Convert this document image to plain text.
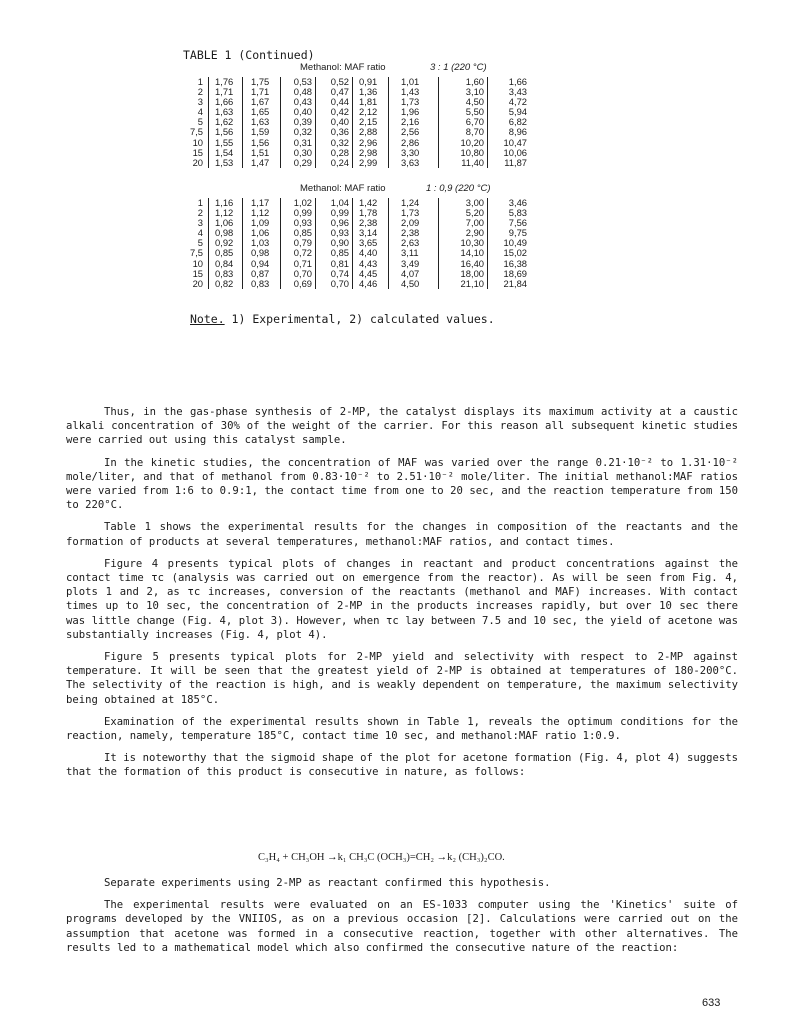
TABLE 1 (Continued)
Methanol: MAF ratio	3 : 1 (220 °C)
1	1,76	1,75	0,53	0,52	0,91	1,01	1,60	1,66
2	1,71	1,71	0,48	0,47	1,36	1,43	3,10	3,43
3	1,66	1,67	0,43	0,44	1,81	1,73	4,50	4,72
4	1,63	1,65	0,40	0,42	2,12	1,96	5,50	5,94
5	1,62	1,63	0,39	0,40	2,15	2,16	6,70	6,82
7,5	1,56	1,59	0,32	0,36	2,88	2,56	8,70	8,96
10	1,55	1,56	0,31	0,32	2,96	2,86	10,20	10,47
15	1,54	1,51	0,30	0,28	2,98	3,30	10,80	10,06
20	1,53	1,47	0,29	0,24	2,99	3,63	11,40	11,87
Methanol: MAF ratio	1 : 0,9 (220 °C)
1	1,16	1,17	1,02	1,04	1,42	1,24	3,00	3,46
2	1,12	1,12	0,99	0,99	1,78	1,73	5,20	5,83
3	1,06	1,09	0,93	0,96	2,38	2,09	7,00	7,56
4	0,98	1,06	0,85	0,93	3,14	2,38	2,90	9,75
5	0,92	1,03	0,79	0,90	3,65	2,63	10,30	10,49
7,5	0,85	0,98	0,72	0,85	4,40	3,11	14,10	15,02
10	0,84	0,94	0,71	0,81	4,43	3,49	16,40	16,38
15	0,83	0,87	0,70	0,74	4,45	4,07	18,00	18,69
20	0,82	0,83	0,69	0,70	4,46	4,50	21,10	21,84
Note. 1) Experimental, 2) calculated values.

Thus, in the gas-phase synthesis of 2-MP, the catalyst displays its maximum activity at a caustic alkali concentration of 30% of the weight of the carrier. For this reason all subsequent kinetic studies were carried out using this catalyst sample.

In the kinetic studies, the concentration of MAF was varied over the range 0.21·10⁻² to 1.31·10⁻² mole/liter, and that of methanol from 0.83·10⁻² to 2.51·10⁻² mole/liter. The initial methanol:MAF ratios were varied from 1:6 to 0.9:1, the contact time from one to 20 sec, and the reaction temperature from 150 to 220°C.

Table 1 shows the experimental results for the changes in composition of the reactants and the formation of products at several temperatures, methanol:MAF ratios, and contact times.

Figure 4 presents typical plots of changes in reactant and product concentrations against the contact time τc (analysis was carried out on emergence from the reactor). As will be seen from Fig. 4, plots 1 and 2, as τc increases, conversion of the reactants (methanol and MAF) increases. With contact times up to 10 sec, the concentration of 2-MP in the products increases rapidly, but over 10 sec there was little change (Fig. 4, plot 3). However, when τc lay between 7.5 and 10 sec, the yield of acetone was substantially increases (Fig. 4, plot 4).

Figure 5 presents typical plots for 2-MP yield and selectivity with respect to 2-MP against temperature. It will be seen that the greatest yield of 2-MP is obtained at temperatures of 180-200°C. The selectivity of the reaction is high, and is weakly dependent on temperature, the maximum selectivity being obtained at 185°C.

Examination of the experimental results shown in Table 1, reveals the optimum conditions for the reaction, namely, temperature 185°C, contact time 10 sec, and methanol:MAF ratio 1:0.9.

It is noteworthy that the sigmoid shape of the plot for acetone formation (Fig. 4, plot 4) suggests that the formation of this product is consecutive in nature, as follows:

C₃H₄ + CH₃OH →k₁ CH₃C (OCH₃)=CH₂ →k₂ (CH₃)₂CO.

Separate experiments using 2-MP as reactant confirmed this hypothesis.

The experimental results were evaluated on an ES-1033 computer using the 'Kinetics' suite of programs developed by the VNIIOS, as on a previous occasion [2]. Calculations were carried out on the assumption that acetone was formed in a consecutive reaction, together with other alternatives. The results led to a mathematical model which also confirmed the consecutive nature of the reaction:

633
